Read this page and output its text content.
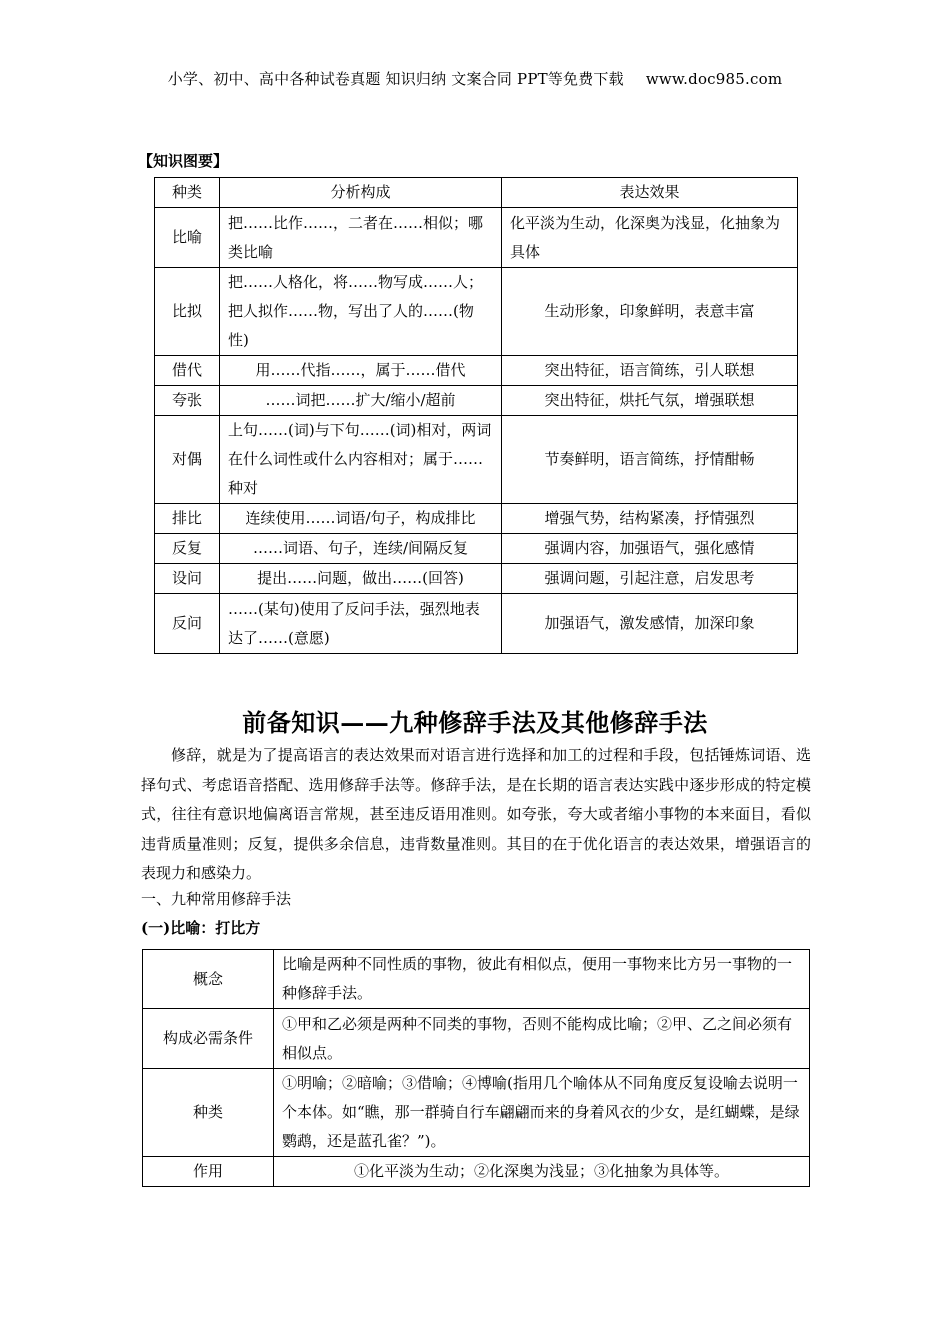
小学、初中、高中各种试卷真题 知识归纳 文案合同 PPT等免费下载 www.doc985.com
【知识图要】
种类	分析构成	表达效果
比喻	把……比作……，二者在……相似；哪类比喻	化平淡为生动，化深奥为浅显，化抽象为具体
比拟	把……人格化，将……物写成……人；把人拟作……物，写出了人的……(物性)	生动形象，印象鲜明，表意丰富
借代	用……代指……，属于……借代	突出特征，语言简练，引人联想
夸张	……词把……扩大/缩小/超前	突出特征，烘托气氛，增强联想
对偶	上句……(词)与下句……(词)相对，两词在什么词性或什么内容相对；属于……种对	节奏鲜明，语言简练，抒情酣畅
排比	连续使用……词语/句子，构成排比	增强气势，结构紧凑，抒情强烈
反复	……词语、句子，连续/间隔反复	强调内容，加强语气，强化感情
设问	提出……问题，做出……(回答)	强调问题，引起注意，启发思考
反问	……(某句)使用了反问手法，强烈地表达了……(意愿)	加强语气，激发感情，加深印象
前备知识——九种修辞手法及其他修辞手法

修辞，就是为了提高语言的表达效果而对语言进行选择和加工的过程和手段，包括锤炼词语、选择句式、考虑语音搭配、选用修辞手法等。修辞手法，是在长期的语言表达实践中逐步形成的特定模式，往往有意识地偏离语言常规，甚至违反语用准则。如夸张，夸大或者缩小事物的本来面目，看似违背质量准则；反复，提供多余信息，违背数量准则。其目的在于优化语言的表达效果，增强语言的表现力和感染力。

一、九种常用修辞手法
(一)比喻：打比方
概念	比喻是两种不同性质的事物，彼此有相似点，便用一事物来比方另一事物的一种修辞手法。
构成必需条件	①甲和乙必须是两种不同类的事物，否则不能构成比喻；②甲、乙之间必须有相似点。
种类	①明喻；②暗喻；③借喻；④博喻(指用几个喻体从不同角度反复设喻去说明一个本体。如“瞧，那一群骑自行车翩翩而来的身着风衣的少女，是红蝴蝶，是绿鹦鹉，还是蓝孔雀？”)。
作用	①化平淡为生动；②化深奥为浅显；③化抽象为具体等。
